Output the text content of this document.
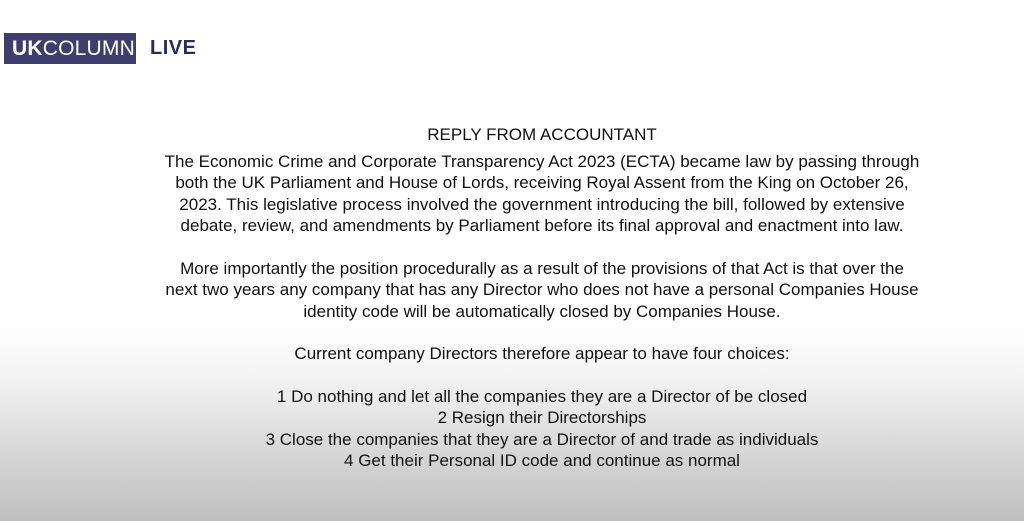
UK COLUMN LIVE
REPLY FROM ACCOUNTANT
The Economic Crime and Corporate Transparency Act 2023 (ECTA) became law by passing through
both the UK Parliament and House of Lords, receiving Royal Assent from the King on October 26,
2023. This legislative process involved the government introducing the bill, followed by extensive
debate, review, and amendments by Parliament before its final approval and enactment into law.
More importantly the position procedurally as a result of the provisions of that Act is that over the
next two years any company that has any Director who does not have a personal Companies House
identity code will be automatically closed by Companies House.
Current company Directors therefore appear to have four choices:
1 Do nothing and let all the companies they are a Director of be closed
2 Resign their Directorships
3 Close the companies that they are a Director of and trade as individuals
4 Get their Personal ID code and continue as normal
